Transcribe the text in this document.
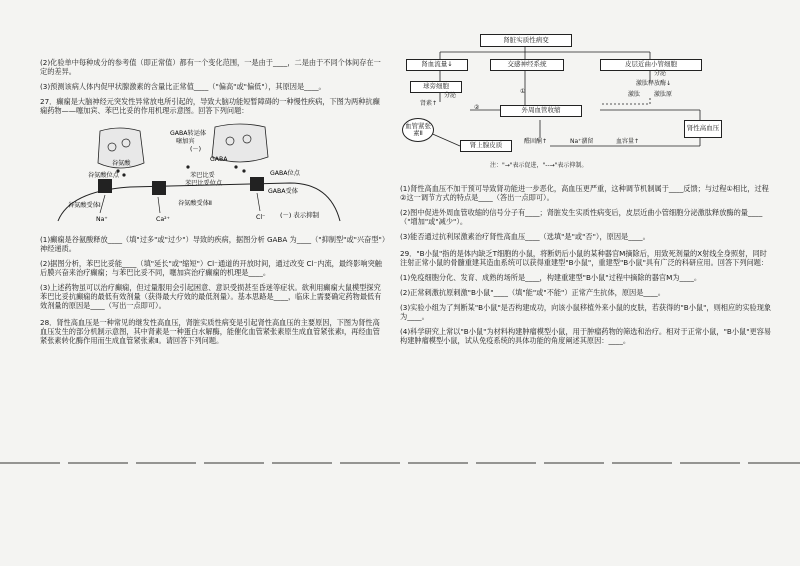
(2)化验单中每种成分的参考值（即正常值）都有一个变化范围，一是由于____，二是由于不同个体间存在一定的差异。

(3)预测该病人体内促甲状腺激素的含量比正常值____（"偏高"或"偏低"），其原因是____。

27．癫痫是大脑神经元突发性异常放电所引起的，导致大脑功能短暂障碍的一种慢性疾病，下图为两种抗癫痫药物——噻加宾、苯巴比妥的作用机理示意图。回答下列问题：

GABA转运体
噻加宾
(－)
谷氨酸
谷氨酸位点
GABA
苯巴比妥
苯巴比妥位点
GABA位点
谷氨酸受体Ⅰ	谷氨酸受体Ⅱ
GABA受体
Na⁺	Ca²⁺	Cl⁻ (－) 表示抑制

(1)癫痫是谷氨酸释放____（填"过多"或"过少"）导致的疾病，据图分析 GABA 为____（"抑制型"或"兴奋型"）神经递质。

(2)据图分析，苯巴比妥能____（填"延长"或"缩短"）Cl⁻通道的开放时间，通过改变 Cl⁻内流，最终影响突触后膜兴奋来治疗癫痫；与苯巴比妥不同，噻加宾治疗癫痫的机理是____。

(3)上述药物虽可以治疗癫痫，但过量服用会引起困意、意识受损甚至昏迷等症状。欲利用癫痫大鼠模型探究苯巴比妥抗癫痫的最低有效剂量（获得最大疗效的最低剂量）。基本思路是____，临床上需要确定药物最低有效剂量的原因是____（写出一点即可）。

28．肾性高血压是一种常见的继发性高血压，肾脏实质性病变是引起肾性高血压的主要原因，下图为肾性高血压发生的部分机制示意图，其中肾素是一种蛋白水解酶，能催化血管紧张素原生成血管紧张素Ⅰ，再经血管紧张素转化酶作用而生成血管紧张素Ⅱ。请回答下列问题。

肾脏实质性病变
肾血流量↓	交感神经系统	皮层近曲小管细胞
球旁细胞
分泌
分泌
激肽释放酶↓
激肽 激肽原
肾素↑
①
②	外周血管收缩
血管紧张素Ⅱ
肾上腺皮质	醛固酮↑	Na⁺潴留	血容量↑
肾性高血压
注："→"表示促进，"--→"表示抑制。

(1)肾性高血压不加干预可导致肾功能进一步恶化，高血压更严重，这种调节机制属于____反馈；与过程①相比，过程②这一调节方式的特点是____（答出一点即可）。

(2)图中促进外周血管收缩的信号分子有____；肾脏发生实质性病变后，皮层近曲小管细胞分泌激肽释放酶的量____（"增加"或"减少"）。

(3)能否通过抗利尿激素治疗肾性高血压____（选填"是"或"否"），原因是____。

29．"B小鼠"指的是体内缺乏T细胞的小鼠，将断奶后小鼠的某种器官M摘除后，用致死剂量的X射线全身照射，同时注射正常小鼠的骨髓重建其造血系统可以获得重建型"B小鼠"，重建型"B小鼠"具有广泛的科研应用。回答下列问题：

(1)免疫细胞分化、发育、成熟的场所是____，构建重建型"B小鼠"过程中摘除的器官M为____。

(2)正常刺激抗原刺激"B小鼠"____（填"能"或"不能"）正常产生抗体，原因是____。

(3)实验小组为了判断某"B小鼠"是否构建成功，向该小鼠移植外来小鼠的皮肤，若获得的"B小鼠"，则相应的实验现象为____。

(4)科学研究上常以"B小鼠"为材料构建肿瘤模型小鼠，用于肿瘤药物的筛选和治疗。相对于正常小鼠，"B小鼠"更容易构建肿瘤模型小鼠，试从免疫系统的具体功能的角度阐述其原因：____。
